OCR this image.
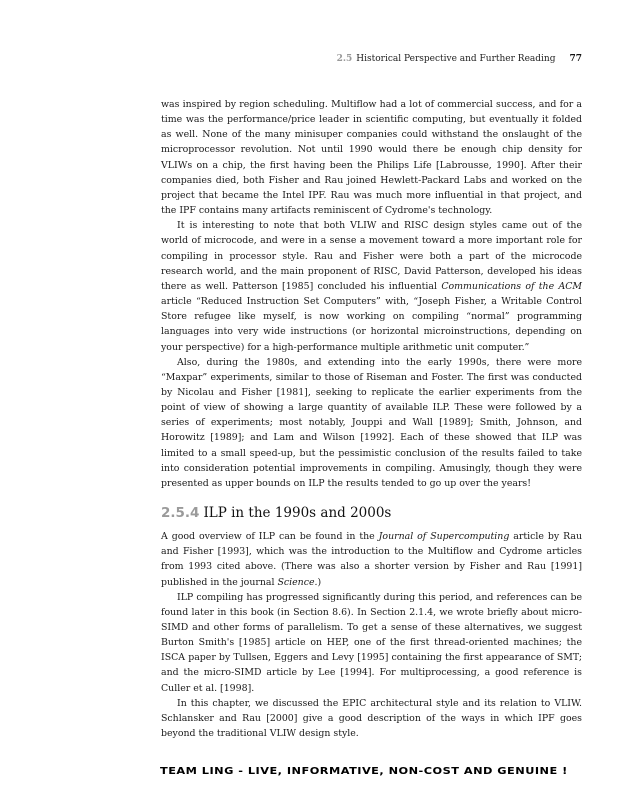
2.5 Historical Perspective and Further Reading 77

was inspired by region scheduling. Multiflow had a lot of commercial success, and for a time was the performance/price leader in scientific computing, but eventually it folded as well. None of the many minisuper companies could withstand the onslaught of the microprocessor revolution. Not until 1990 would there be enough chip density for VLIWs on a chip, the first having been the Philips Life [Labrousse, 1990]. After their companies died, both Fisher and Rau joined Hewlett-Packard Labs and worked on the project that became the Intel IPF. Rau was much more influential in that project, and the IPF contains many artifacts reminiscent of Cydrome's technology.

It is interesting to note that both VLIW and RISC design styles came out of the world of microcode, and were in a sense a movement toward a more important role for compiling in processor style. Rau and Fisher were both a part of the microcode research world, and the main proponent of RISC, David Patterson, developed his ideas there as well. Patterson [1985] concluded his influential Communications of the ACM article “Reduced Instruction Set Computers” with, “Joseph Fisher, a Writable Control Store refugee like myself, is now working on compiling “normal” programming languages into very wide instructions (or horizontal microinstructions, depending on your perspective) for a high-performance multiple arithmetic unit computer.”

Also, during the 1980s, and extending into the early 1990s, there were more “Maxpar” experiments, similar to those of Riseman and Foster. The first was conducted by Nicolau and Fisher [1981], seeking to replicate the earlier experiments from the point of view of showing a large quantity of available ILP. These were followed by a series of experiments; most notably, Jouppi and Wall [1989]; Smith, Johnson, and Horowitz [1989]; and Lam and Wilson [1992]. Each of these showed that ILP was limited to a small speed-up, but the pessimistic conclusion of the results failed to take into consideration potential improvements in compiling. Amusingly, though they were presented as upper bounds on ILP the results tended to go up over the years!

2.5.4 ILP in the 1990s and 2000s

A good overview of ILP can be found in the Journal of Supercomputing article by Rau and Fisher [1993], which was the introduction to the Multiflow and Cydrome articles from 1993 cited above. (There was also a shorter version by Fisher and Rau [1991] published in the journal Science.)

ILP compiling has progressed significantly during this period, and references can be found later in this book (in Section 8.6). In Section 2.1.4, we wrote briefly about micro-SIMD and other forms of parallelism. To get a sense of these alternatives, we suggest Burton Smith's [1985] article on HEP, one of the first thread-oriented machines; the ISCA paper by Tullsen, Eggers and Levy [1995] containing the first appearance of SMT; and the micro-SIMD article by Lee [1994]. For multiprocessing, a good reference is Culler et al. [1998].

In this chapter, we discussed the EPIC architectural style and its relation to VLIW. Schlansker and Rau [2000] give a good description of the ways in which IPF goes beyond the traditional VLIW design style.

TEAM LING - LIVE, INFORMATIVE, NON-COST AND GENUINE !
